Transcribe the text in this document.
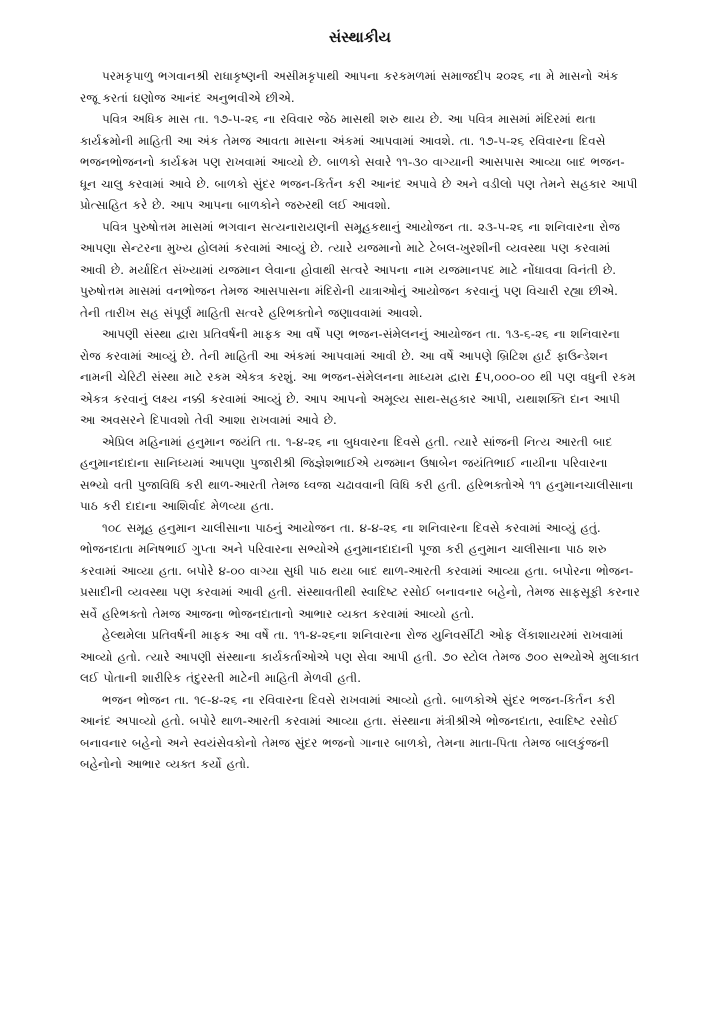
સંસ્થાકીય

પરમકૃપાળુ ભગવાનશ્રી રાધાકૃષ્ણની અસીમકૃપાથી આપના કરકમળમાં સમાજદીપ ૨૦૨૬ ના મે માસનો અંક રજૂ કરતાં ઘણોજ આનંદ અનુભવીએ છીએ.

પવિત્ર અધિક માસ તા. ૧૭-૫-૨૬ ના રવિવાર જેઠ માસથી શરુ થાય છે. આ પવિત્ર માસમાં મંદિરમાં થતા કાર્યક્રમોની માહિતી આ અંક તેમજ આવતા માસના અંકમાં આપવામાં આવશે. તા. ૧૭-૫-૨૬ રવિવારના દિવસે ભજનભોજનનો કાર્યક્રમ પણ રાખવામાં આવ્યો છે. બાળકો સવારે ૧૧-૩૦ વાગ્યાની આસપાસ આવ્યા બાદ ભજન-ધૂન ચાલુ કરવામાં આવે છે. બાળકો સુંદર ભજન-કિર્તન કરી આનંદ અપાવે છે અને વડીલો પણ તેમને સહકાર આપી પ્રોત્સાહિત કરે છે. આપ આપના બાળકોને જરુરથી લઈ આવશો.

પવિત્ર પુરુષોત્તમ માસમાં ભગવાન સત્યનારાયણની સમૂહકથાનું આયોજન તા. ૨૩-૫-૨૬ ના શનિવારના રોજ આપણા સેન્ટરના મુખ્ય હોલમાં કરવામાં આવ્યું છે. ત્યારે યજમાનો માટે ટેબલ-ખુરશીની વ્યવસ્થા પણ કરવામાં આવી છે. મર્યાદિત સંખ્યામાં યજમાન લેવાના હોવાથી સત્વરે આપના નામ યજમાનપદ માટે નોંધાવવા વિનંતી છે. પુરુષોત્તમ માસમાં વનભોજન તેમજ આસપાસના મંદિરોની યાત્રાઓનું આયોજન કરવાનું પણ વિચારી રહ્યા છીએ. તેની તારીખ સહ સંપૂર્ણ માહિતી સત્વરે હરિભક્તોને જણાવવામાં આવશે.

આપણી સંસ્થા દ્વારા પ્રતિવર્ષની માફક આ વર્ષે પણ ભજન-સંમેલનનું આયોજન તા. ૧૩-૬-૨૬ ના શનિવારના રોજ કરવામાં આવ્યું છે. તેની માહિતી આ અંકમાં આપવામાં આવી છે. આ વર્ષે આપણે બ્રિટિશ હાર્ટ ફાઉન્ડેશન નામની ચેરિટી સંસ્થા માટે રકમ એકત્ર કરશું. આ ભજન-સંમેલનના માધ્યમ દ્વારા £૫,૦૦૦-૦૦ થી પણ વધુની રકમ એકત્ર કરવાનું લક્ષ્ય નક્કી કરવામાં આવ્યું છે. આપ આપનો અમૂલ્ય સાથ-સહકાર આપી, યથાશક્તિ દાન આપી આ અવસરને દિપાવશો તેવી આશા રાખવામાં આવે છે.

એપ્રિલ મહિનામાં હનુમાન જયંતિ તા. ૧-૪-૨૬ ના બુધવારના દિવસે હતી. ત્યારે સાંજની નિત્ય આરતી બાદ હનુમાનદાદાના સાનિધ્યમાં આપણા પુજારીશ્રી જિજ્ઞેશભાઈએ યજમાન ઉષાબેન જયંતિભાઈ નાયીના પરિવારના સભ્યો વતી પુજાવિધિ કરી થાળ-આરતી તેમજ ધ્વજા ચઢાવવાની વિધિ કરી હતી. હરિભક્તોએ ૧૧ હનુમાનચાલીસાના પાઠ કરી દાદાના આશિર્વાદ મેળવ્યા હતા.

૧૦૮ સમૂહ હનુમાન ચાલીસાના પાઠનું આયોજન તા. ૪-૪-૨૬ ના શનિવારના દિવસે કરવામાં આવ્યું હતું. ભોજનદાતા મનિષભાઈ ગુપ્તા અને પરિવારના સભ્યોએ હનુમાનદાદાની પૂજા કરી હનુમાન ચાલીસાના પાઠ શરુ કરવામાં આવ્યા હતા. બપોરે ૪-૦૦ વાગ્યા સુધી પાઠ થયા બાદ થાળ-આરતી કરવામાં આવ્યા હતા. બપોરના ભોજન-પ્રસાદીની વ્યવસ્થા પણ કરવામાં આવી હતી. સંસ્થાવતીથી સ્વાદિષ્ટ રસોઈ બનાવનાર બહેનો, તેમજ સાફસૂફી કરનાર સર્વે હરિભક્તો તેમજ આજના ભોજનદાતાનો આભાર વ્યક્ત કરવામાં આવ્યો હતો.

હેલ્થમેલા પ્રતિવર્ષની માફક આ વર્ષે તા. ૧૧-૪-૨૬ના શનિવારના રોજ યુનિવર્સીટી ઓફ લેંકાશાયરમાં રાખવામાં આવ્યો હતો. ત્યારે આપણી સંસ્થાના કાર્યકર્તાઓએ પણ સેવા આપી હતી. ૭૦ સ્ટોલ તેમજ ૭૦૦ સભ્યોએ મુલાકાત લઈ પોતાની શારીરિક તંદુરસ્તી માટેની માહિતી મેળવી હતી.

ભજન ભોજન તા. ૧૯-૪-૨૬ ના રવિવારના દિવસે રાખવામાં આવ્યો હતો. બાળકોએ સુંદર ભજન-કિર્તન કરી આનંદ અપાવ્યો હતો. બપોરે થાળ-આરતી કરવામાં આવ્યા હતા. સંસ્થાના મંત્રીશ્રીએ ભોજનદાતા, સ્વાદિષ્ટ રસોઈ બનાવનાર બહેનો અને સ્વયંસેવકોનો તેમજ સુંદર ભજનો ગાનાર બાળકો, તેમના માતા-પિતા તેમજ બાલકુંજની બહેનોનો આભાર વ્યક્ત કર્યો હતો.
